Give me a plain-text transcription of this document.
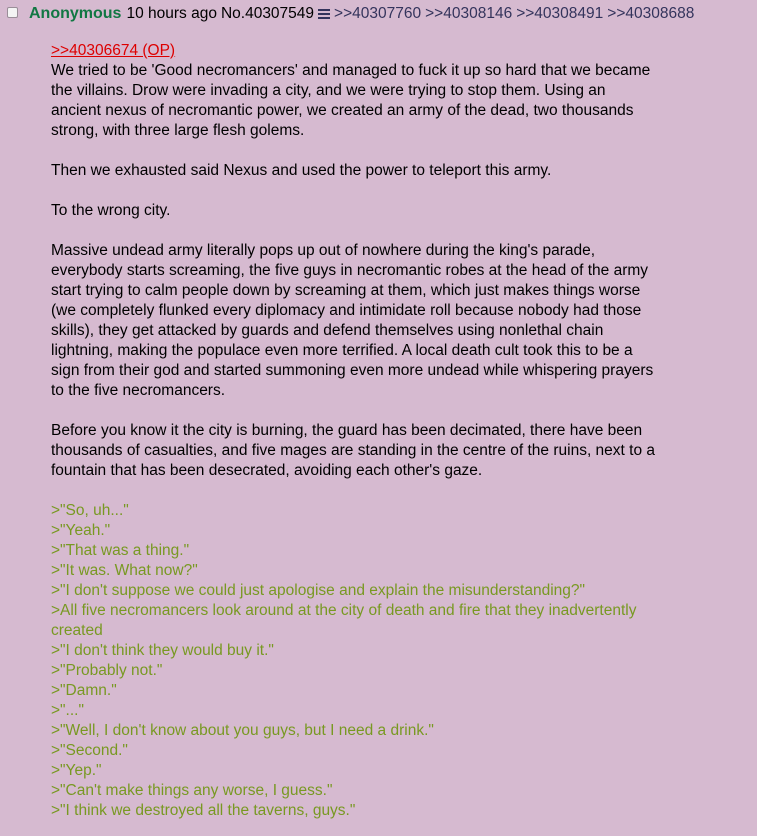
Anonymous 10 hours ago No.40307549 >>40307760 >>40308146 >>40308491 >>40308688

>>40306674 (OP)

We tried to be 'Good necromancers' and managed to fuck it up so hard that we became

the villains. Drow were invading a city, and we were trying to stop them. Using an

ancient nexus of necromantic power, we created an army of the dead, two thousands

strong, with three large flesh golems.

Then we exhausted said Nexus and used the power to teleport this army.

To the wrong city.

Massive undead army literally pops up out of nowhere during the king's parade,

everybody starts screaming, the five guys in necromantic robes at the head of the army

start trying to calm people down by screaming at them, which just makes things worse

(we completely flunked every diplomacy and intimidate roll because nobody had those

skills), they get attacked by guards and defend themselves using nonlethal chain

lightning, making the populace even more terrified. A local death cult took this to be a

sign from their god and started summoning even more undead while whispering prayers

to the five necromancers.

Before you know it the city is burning, the guard has been decimated, there have been

thousands of casualties, and five mages are standing in the centre of the ruins, next to a

fountain that has been desecrated, avoiding each other's gaze.

>"So, uh..."

>"Yeah."

>"That was a thing."

>"It was. What now?"

>"I don't suppose we could just apologise and explain the misunderstanding?"

>All five necromancers look around at the city of death and fire that they inadvertently

created

>"I don't think they would buy it."

>"Probably not."

>"Damn."

>"..."

>"Well, I don't know about you guys, but I need a drink."

>"Second."

>"Yep."

>"Can't make things any worse, I guess."

>"I think we destroyed all the taverns, guys."
